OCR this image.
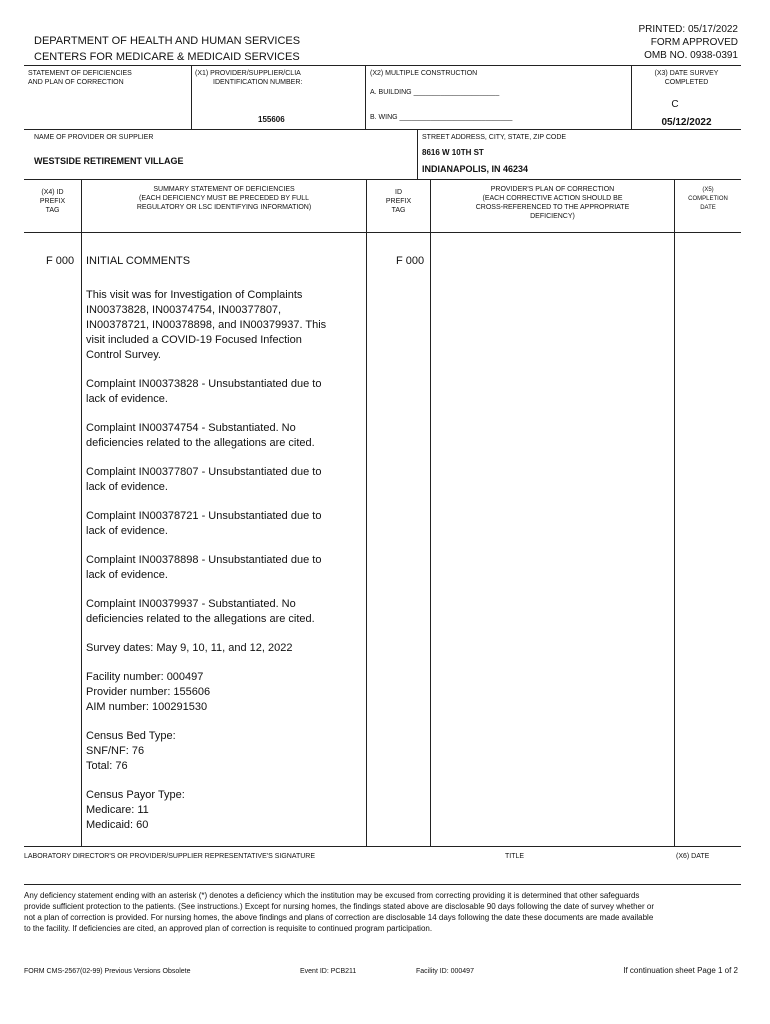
DEPARTMENT OF HEALTH AND HUMAN SERVICES
CENTERS FOR MEDICARE & MEDICAID SERVICES
PRINTED: 05/17/2022
FORM APPROVED
OMB NO. 0938-0391
STATEMENT OF DEFICIENCIES
AND PLAN OF CORRECTION
(X1) PROVIDER/SUPPLIER/CLIA
IDENTIFICATION NUMBER:
155606
(X2) MULTIPLE CONSTRUCTION
A. BUILDING ______________________
B. WING _____________________________
(X3) DATE SURVEY
COMPLETED
C
05/12/2022
NAME OF PROVIDER OR SUPPLIER
WESTSIDE RETIREMENT VILLAGE
STREET ADDRESS, CITY, STATE, ZIP CODE
8616 W 10TH ST
INDIANAPOLIS, IN 46234
(X4) ID
PREFIX
TAG
SUMMARY STATEMENT OF DEFICIENCIES
(EACH DEFICIENCY MUST BE PRECEDED BY FULL
REGULATORY OR LSC IDENTIFYING INFORMATION)
ID
PREFIX
TAG
PROVIDER'S PLAN OF CORRECTION
(EACH CORRECTIVE ACTION SHOULD BE
CROSS-REFERENCED TO THE APPROPRIATE
DEFICIENCY)
(X5)
COMPLETION
DATE
F 000	F 000
INITIAL COMMENTS

This visit was for Investigation of Complaints
IN00373828, IN00374754, IN00377807,
IN00378721, IN00378898, and IN00379937. This
visit included a COVID-19 Focused Infection
Control Survey.

Complaint IN00373828 - Unsubstantiated due to
lack of evidence.

Complaint IN00374754 - Substantiated. No
deficiencies related to the allegations are cited.

Complaint IN00377807 - Unsubstantiated due to
lack of evidence.

Complaint IN00378721 - Unsubstantiated due to
lack of evidence.

Complaint IN00378898 - Unsubstantiated due to
lack of evidence.

Complaint IN00379937 - Substantiated. No
deficiencies related to the allegations are cited.

Survey dates: May 9, 10, 11, and 12, 2022

Facility number: 000497
Provider number: 155606
AIM number: 100291530

Census Bed Type:
SNF/NF: 76
Total: 76

Census Payor Type:
Medicare: 11
Medicaid: 60

LABORATORY DIRECTOR'S OR PROVIDER/SUPPLIER REPRESENTATIVE'S SIGNATURE	TITLE	(X6) DATE
Any deficiency statement ending with an asterisk (*) denotes a deficiency which the institution may be excused from correcting providing it is determined that other safeguards provide sufficient protection to the patients. (See instructions.) Except for nursing homes, the findings stated above are disclosable 90 days following the date of survey whether or not a plan of correction is provided. For nursing homes, the above findings and plans of correction are disclosable 14 days following the date these documents are made available to the facility. If deficiencies are cited, an approved plan of correction is requisite to continued program participation.
FORM CMS-2567(02-99) Previous Versions Obsolete	Event ID: PCB211	Facility ID: 000497	If continuation sheet Page 1 of 2
